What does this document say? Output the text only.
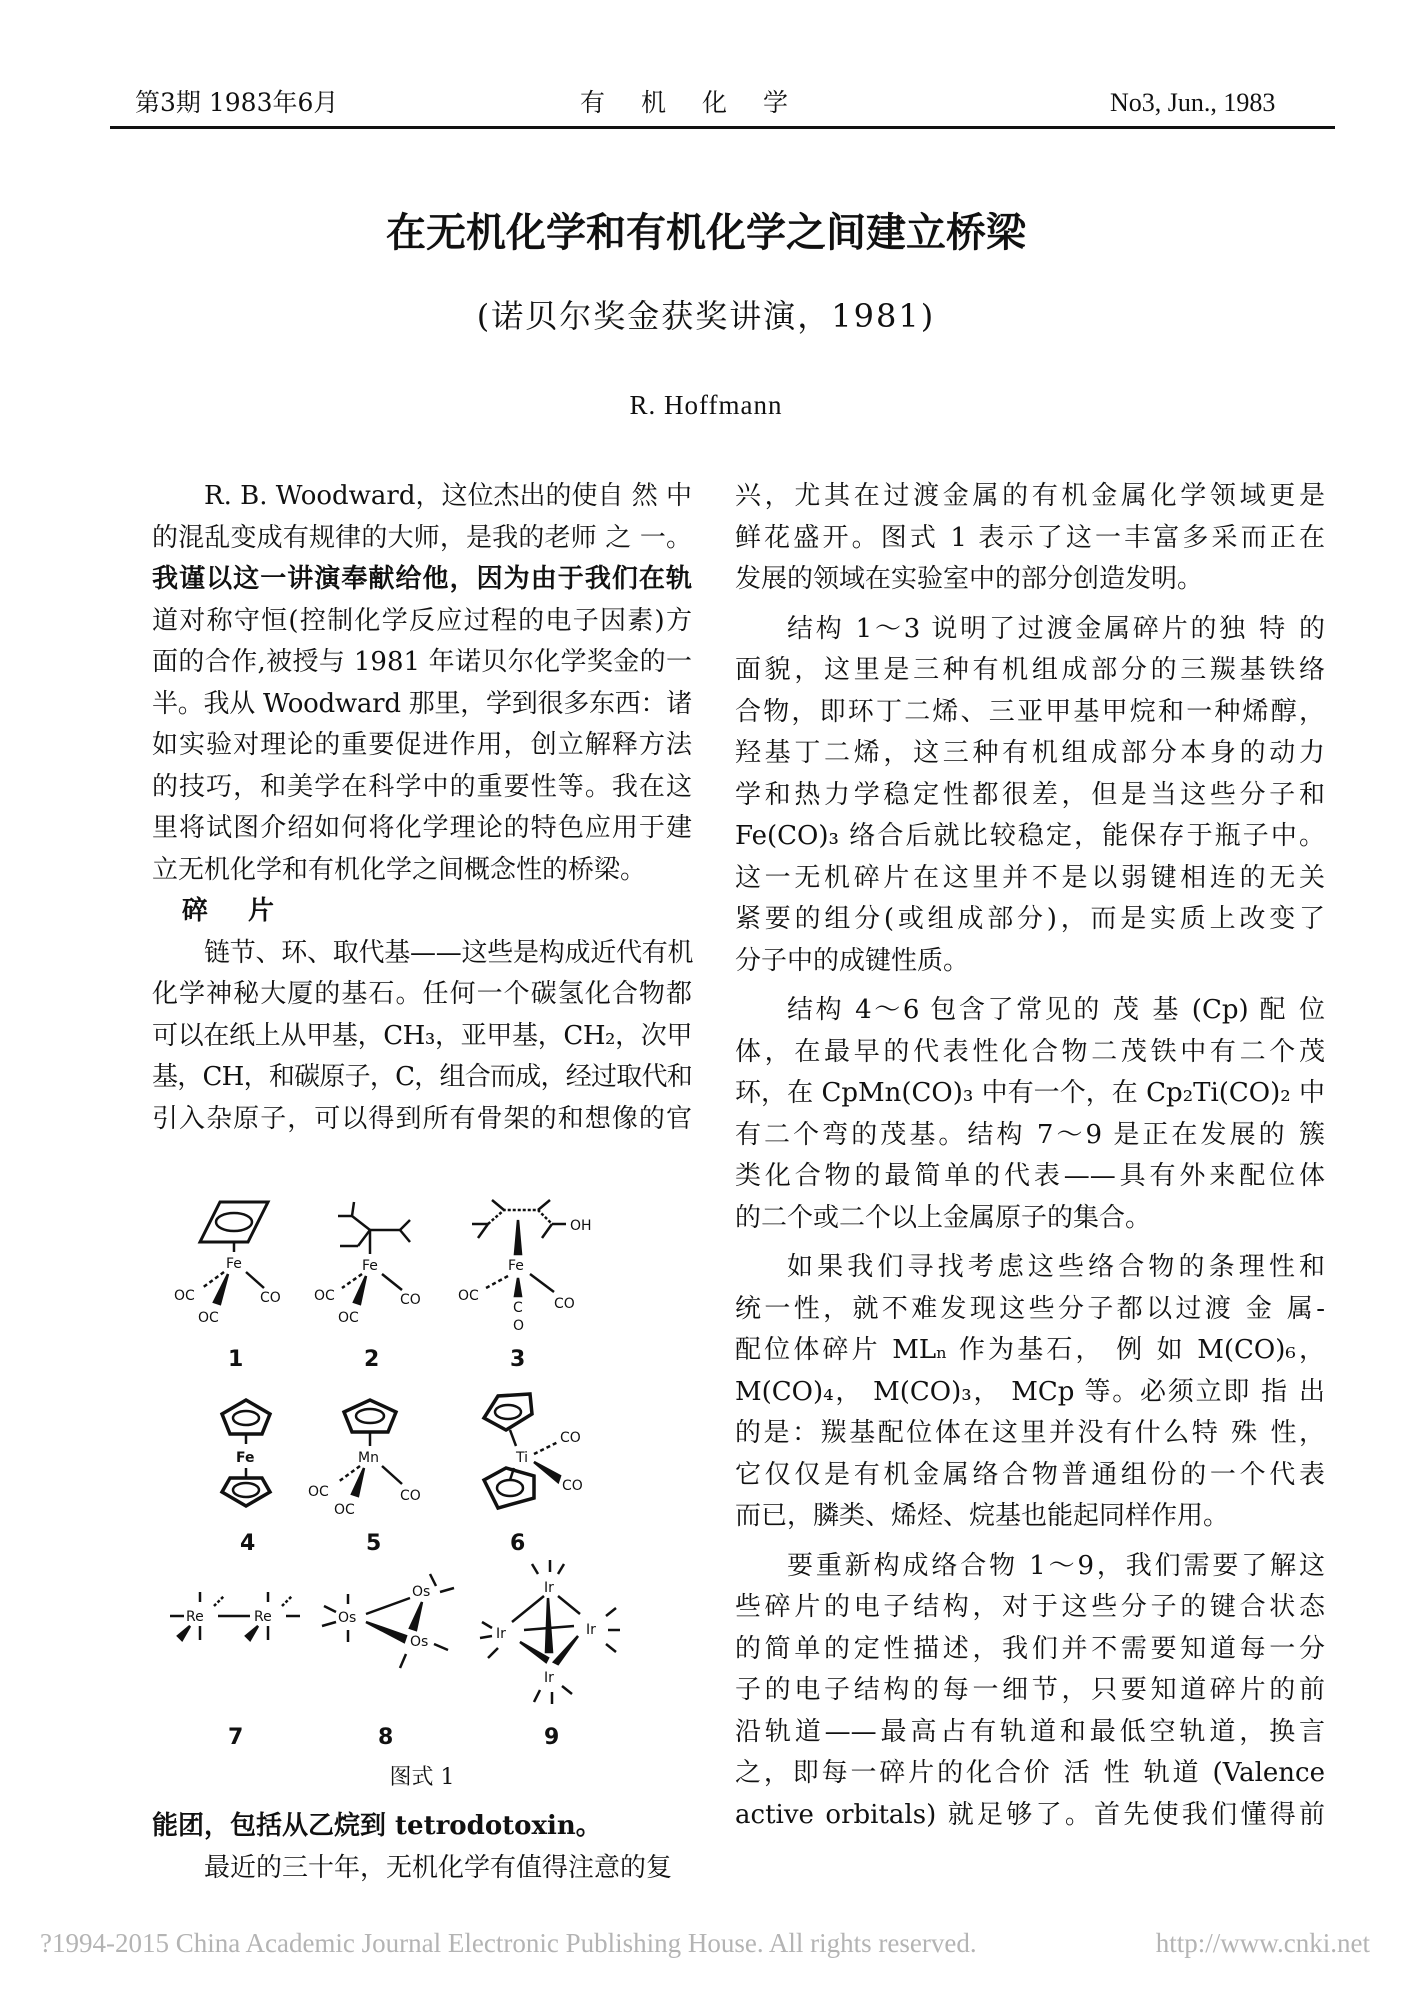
第3期 1983年6月	有机化学	No3, Jun., 1983
在无机化学和有机化学之间建立桥梁
(诺贝尔奖金获奖讲演，1981)
R. Hoffmann

R. B. Woodward，这位杰出的使自 然 中

的混乱变成有规律的大师，是我的老师 之 一。

我谨以这一讲演奉献给他，因为由于我们在轨

道对称守恒(控制化学反应过程的电子因素)方

面的合作,被授与 1981 年诺贝尔化学奖金的一

半。我从 Woodward 那里，学到很多东西：诸

如实验对理论的重要促进作用，创立解释方法

的技巧，和美学在科学中的重要性等。我在这

里将试图介绍如何将化学理论的特色应用于建

立无机化学和有机化学之间概念性的桥梁。

碎片

链节、环、取代基——这些是构成近代有机

化学神秘大厦的基石。任何一个碳氢化合物都

可以在纸上从甲基，CH₃，亚甲基，CH₂，次甲

基，CH，和碳原子，C，组合而成，经过取代和

引入杂原子，可以得到所有骨架的和想像的官

Fe
OC
OC
CO
Fe
OC
OC
CO
OH
Fe
OC
C
O
CO
Fe	Mn
OC
OC
CO
Ti
CO
CO
Re	Re	Os
Os
Os
Ir
Ir	Ir
Ir
1	2	3
4	5	6
7	8	9
图式 1

能团，包括从乙烷到 tetrodotoxin。

最近的三十年，无机化学有值得注意的复

兴，尤其在过渡金属的有机金属化学领域更是

鲜花盛开。图式 1 表示了这一丰富多采而正在

发展的领域在实验室中的部分创造发明。

结构 1～3 说明了过渡金属碎片的独 特 的

面貌，这里是三种有机组成部分的三羰基铁络

合物，即环丁二烯、三亚甲基甲烷和一种烯醇，

羟基丁二烯，这三种有机组成部分本身的动力

学和热力学稳定性都很差，但是当这些分子和

Fe(CO)₃ 络合后就比较稳定，能保存于瓶子中。

这一无机碎片在这里并不是以弱键相连的无关

紧要的组分(或组成部分)，而是实质上改变了

分子中的成键性质。

结构 4～6 包含了常见的 茂 基 (Cp) 配 位

体，在最早的代表性化合物二茂铁中有二个茂

环，在 CpMn(CO)₃ 中有一个，在 Cp₂Ti(CO)₂ 中

有二个弯的茂基。结构 7～9 是正在发展的 簇

类化合物的最简单的代表——具有外来配位体

的二个或二个以上金属原子的集合。

如果我们寻找考虑这些络合物的条理性和

统一性，就不难发现这些分子都以过渡 金 属-

配位体碎片 MLₙ 作为基石， 例 如 M(CO)₆，

M(CO)₄， M(CO)₃， MCp 等。必须立即 指 出

的是：羰基配位体在这里并没有什么特 殊 性，

它仅仅是有机金属络合物普通组份的一个代表

而已，膦类、烯烃、烷基也能起同样作用。

要重新构成络合物 1～9，我们需要了解这

些碎片的电子结构，对于这些分子的键合状态

的简单的定性描述，我们并不需要知道每一分

子的电子结构的每一细节，只要知道碎片的前

沿轨道——最高占有轨道和最低空轨道，换言

之，即每一碎片的化合价 活 性 轨道 (Valence

active orbitals) 就足够了。首先使我们懂得前

?1994-2015 China Academic Journal Electronic Publishing House. All rights reserved.	http://www.cnki.net
